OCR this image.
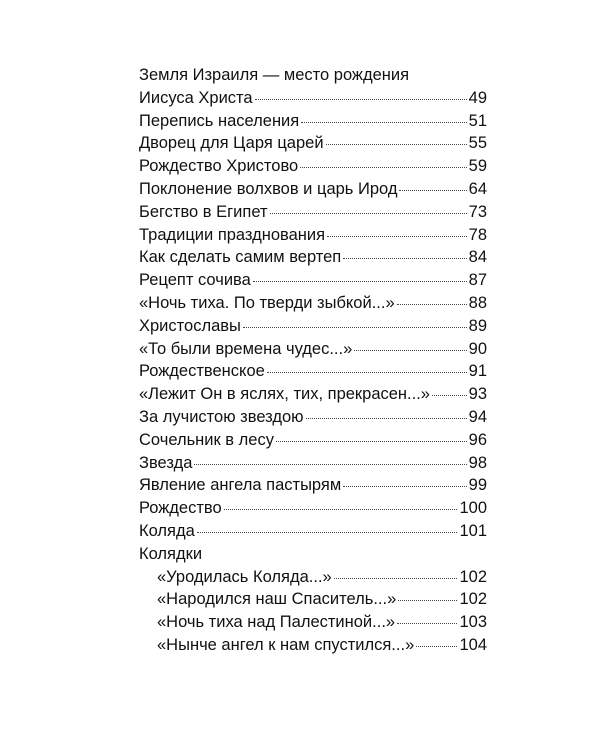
Земля Израиля — место рождения
Иисуса Христа	49
Перепись населения	51
Дворец для Царя царей	55
Рождество Христово	59
Поклонение волхвов и царь Ирод	64
Бегство в Египет	73
Традиции празднования	78
Как сделать самим вертеп	84
Рецепт сочива	87
«Ночь тиха. По тверди зыбкой...»	88
Христославы	89
«То были времена чудес...»	90
Рождественское	91
«Лежит Он в яслях, тих, прекрасен...» 93
За лучистою звездою	94
Сочельник в лесу	96
Звезда	98
Явление ангела пастырям	99
Рождество	100
Коляда	101
Колядки
«Уродилась Коляда...»	102
«Народился наш Спаситель...»	102
«Ночь тиха над Палестиной...»	103
«Нынче ангел к нам спустился...»	104
